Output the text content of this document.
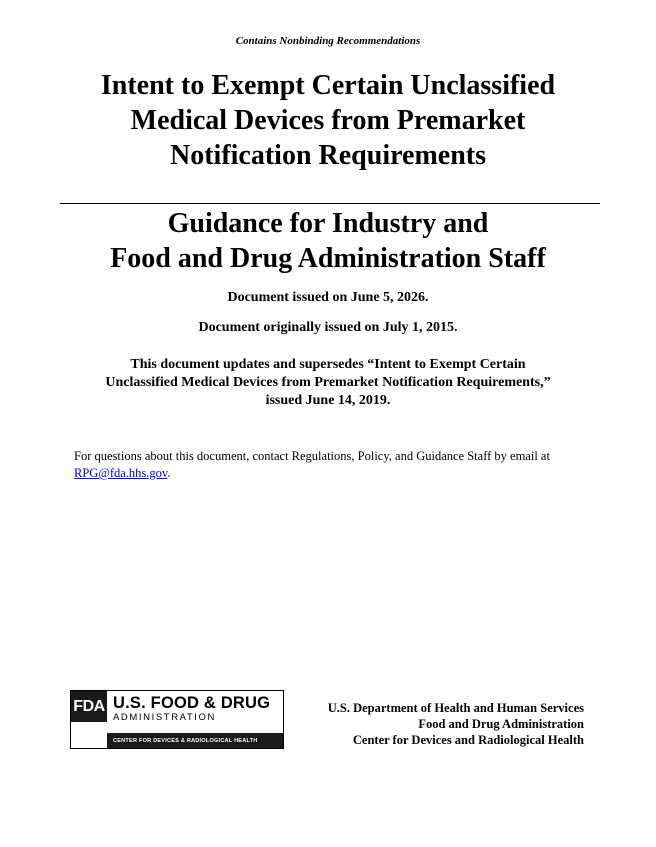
Contains Nonbinding Recommendations
Intent to Exempt Certain Unclassified
Medical Devices from Premarket
Notification Requirements
Guidance for Industry and
Food and Drug Administration Staff
Document issued on June 5, 2026.
Document originally issued on July 1, 2015.
This document updates and supersedes “Intent to Exempt Certain
Unclassified Medical Devices from Premarket Notification Requirements,”
issued June 14, 2019.
For questions about this document, contact Regulations, Policy, and Guidance Staff by email at RPG@fda.hhs.gov.
FDA U.S. FOOD & DRUG
ADMINISTRATION
CENTER FOR DEVICES & RADIOLOGICAL HEALTH
U.S. Department of Health and Human Services
Food and Drug Administration
Center for Devices and Radiological Health
